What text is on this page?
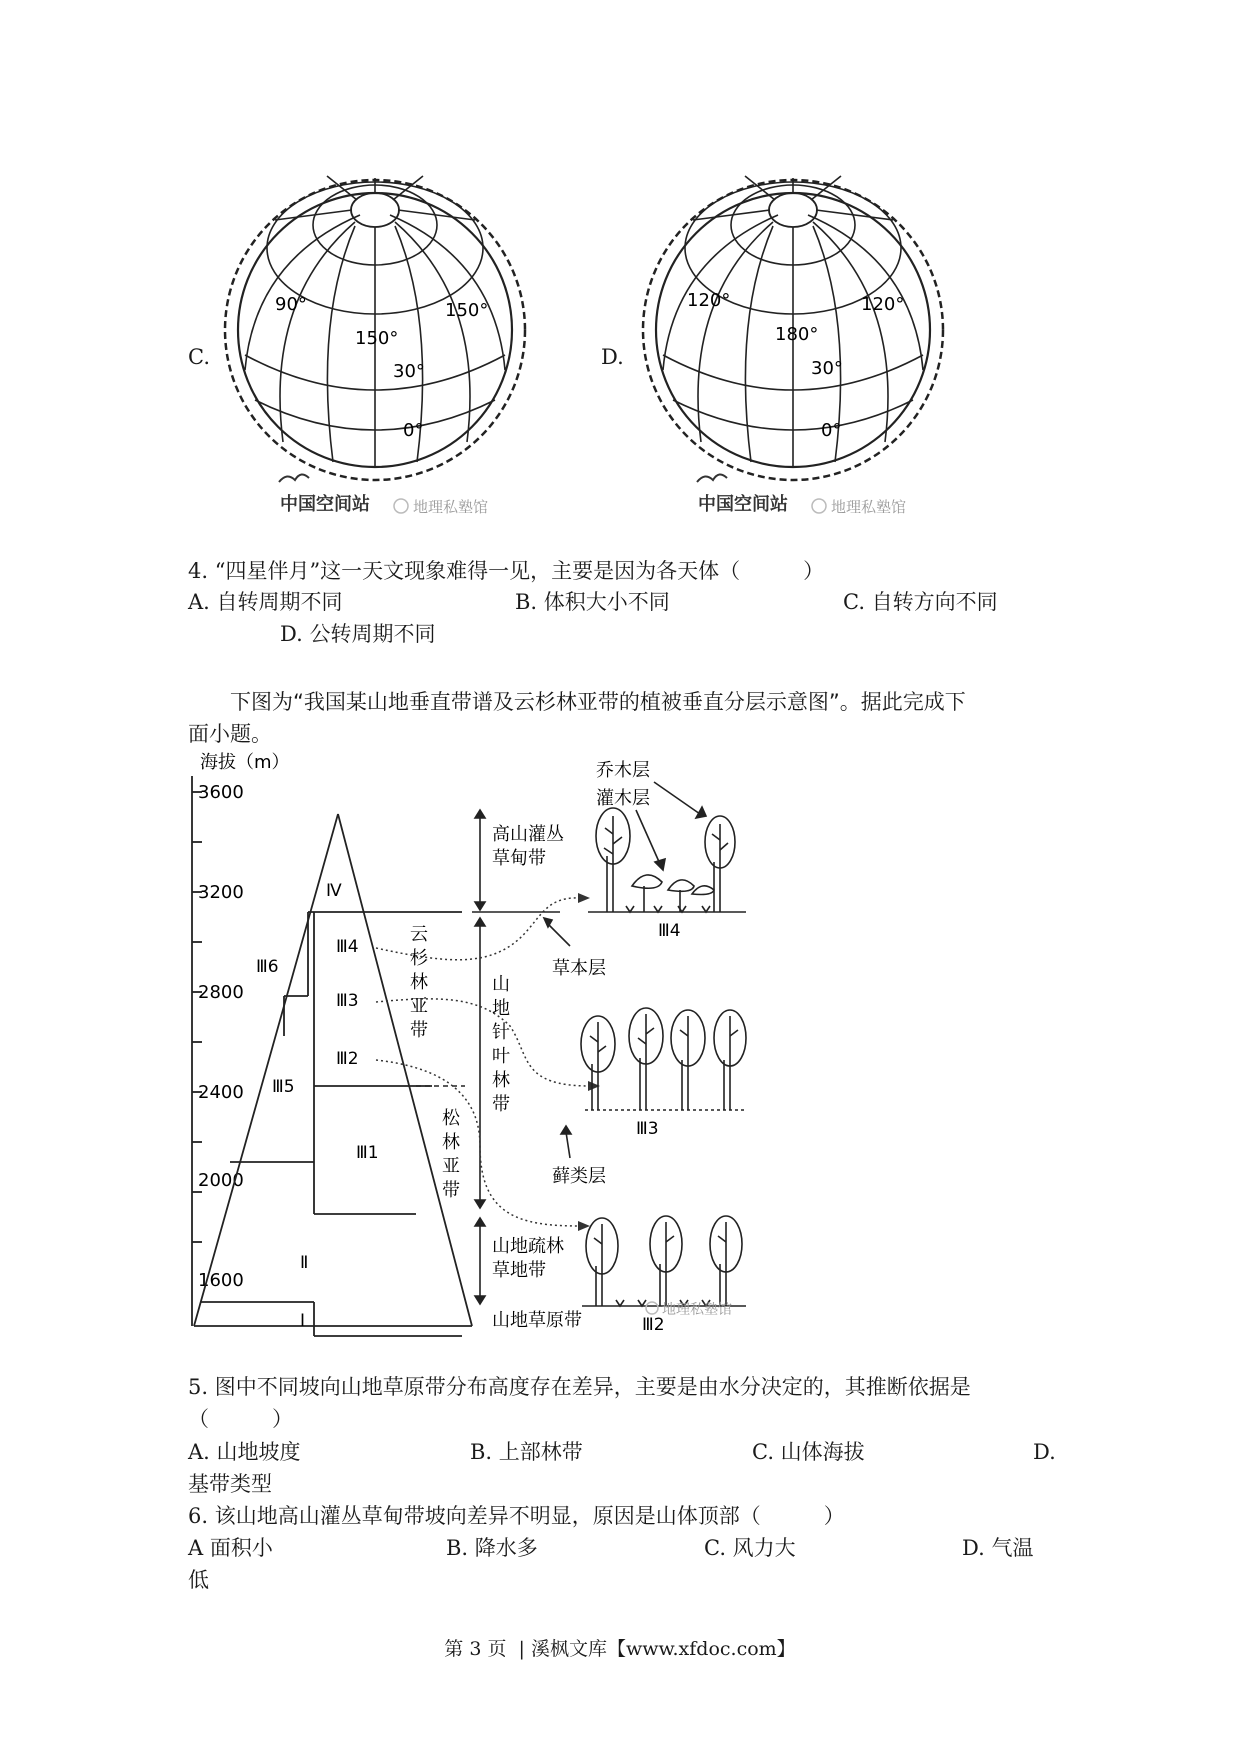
C.
90°
150°
150°
30°
0°
中国空间站	地理私塾馆
D.
120°
180°
120°
30°
0°
中国空间站	地理私塾馆
4. “四星伴月”这一天文现象难得一见，主要是因为各天体（　　　）
A. 自转周期不同	B. 体积大小不同	C. 自转方向不同
D. 公转周期不同
下图为“我国某山地垂直带谱及云杉林亚带的植被垂直分层示意图”。据此完成下
面小题。
海拔（m）
3600
3200
2800
2400
2000
1600
Ⅳ
Ⅲ6
Ⅲ5
Ⅲ4
Ⅲ3
Ⅲ2
Ⅲ1
Ⅱ
Ⅰ
云
杉
林
亚
带
松
林
亚
带
高山灌丛
草甸带
山
地
针
叶
林
带
山地疏林
草地带
山地草原带
Ⅲ4
乔木层
灌木层
草本层
Ⅲ3
藓类层
Ⅲ2
地理私塾馆
5. 图中不同坡向山地草原带分布高度存在差异，主要是由水分决定的，其推断依据是
（　　　）
A. 山地坡度	B. 上部林带	C. 山体海拔	D.
基带类型
6. 该山地高山灌丛草甸带坡向差异不明显，原因是山体顶部（　　　）
A 面积小	B. 降水多	C. 风力大	D. 气温
低
第 3 页  | 溪枫文库【www.xfdoc.com】
